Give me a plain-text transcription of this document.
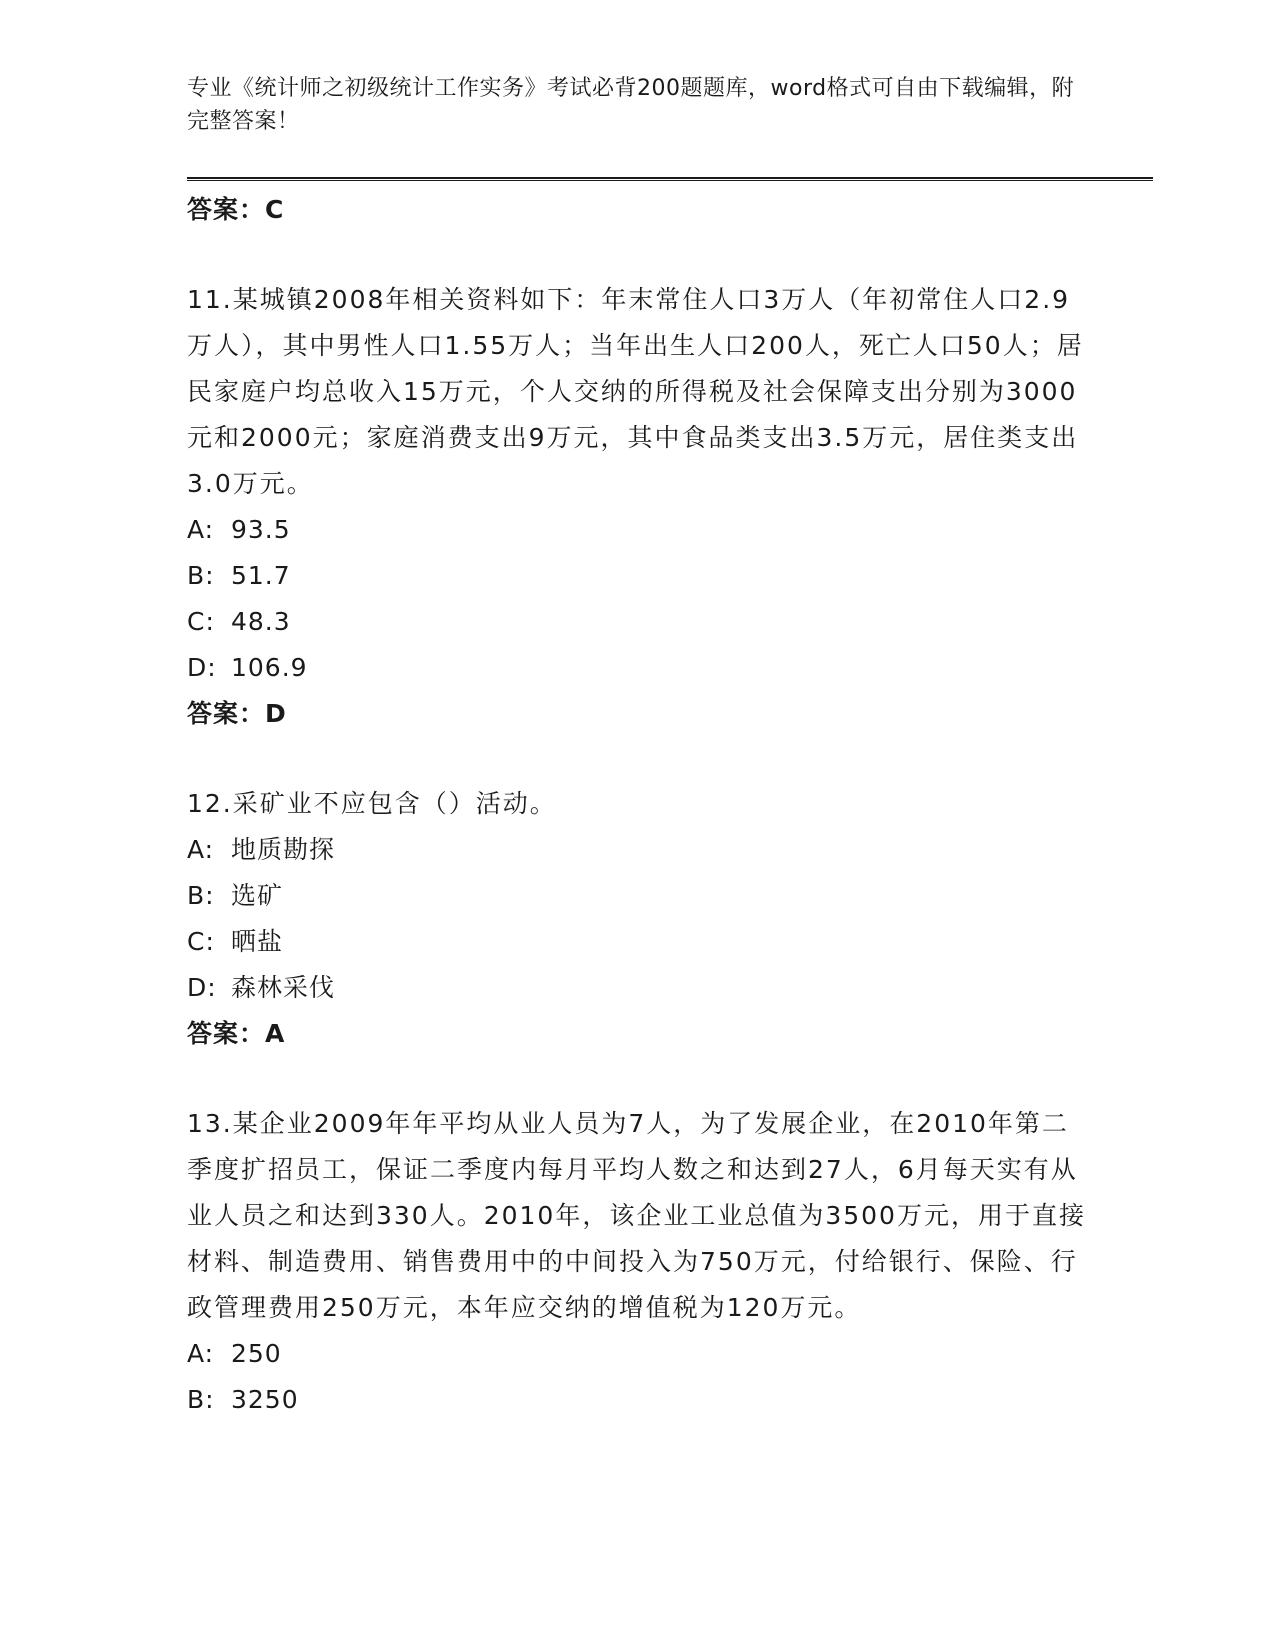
专业《统计师之初级统计工作实务》考试必背200题题库，word格式可自由下载编辑，附完整答案！

答案：C

11.某城镇2008年相关资料如下：年末常住人口3万人（年初常住人口2.9万人），其中男性人口1.55万人；当年出生人口200人，死亡人口50人；居民家庭户均总收入15万元，个人交纳的所得税及社会保障支出分别为3000元和2000元；家庭消费支出9万元，其中食品类支出3.5万元，居住类支出3.0万元。

A: 93.5
B: 51.7
C: 48.3
D: 106.9

答案：D

12.采矿业不应包含（）活动。

A: 地质勘探
B: 选矿
C: 晒盐
D: 森林采伐

答案：A

13.某企业2009年年平均从业人员为7人，为了发展企业，在2010年第二季度扩招员工，保证二季度内每月平均人数之和达到27人，6月每天实有从业人员之和达到330人。2010年，该企业工业总值为3500万元，用于直接材料、制造费用、销售费用中的中间投入为750万元，付给银行、保险、行政管理费用250万元，本年应交纳的增值税为120万元。

A: 250
B: 3250
